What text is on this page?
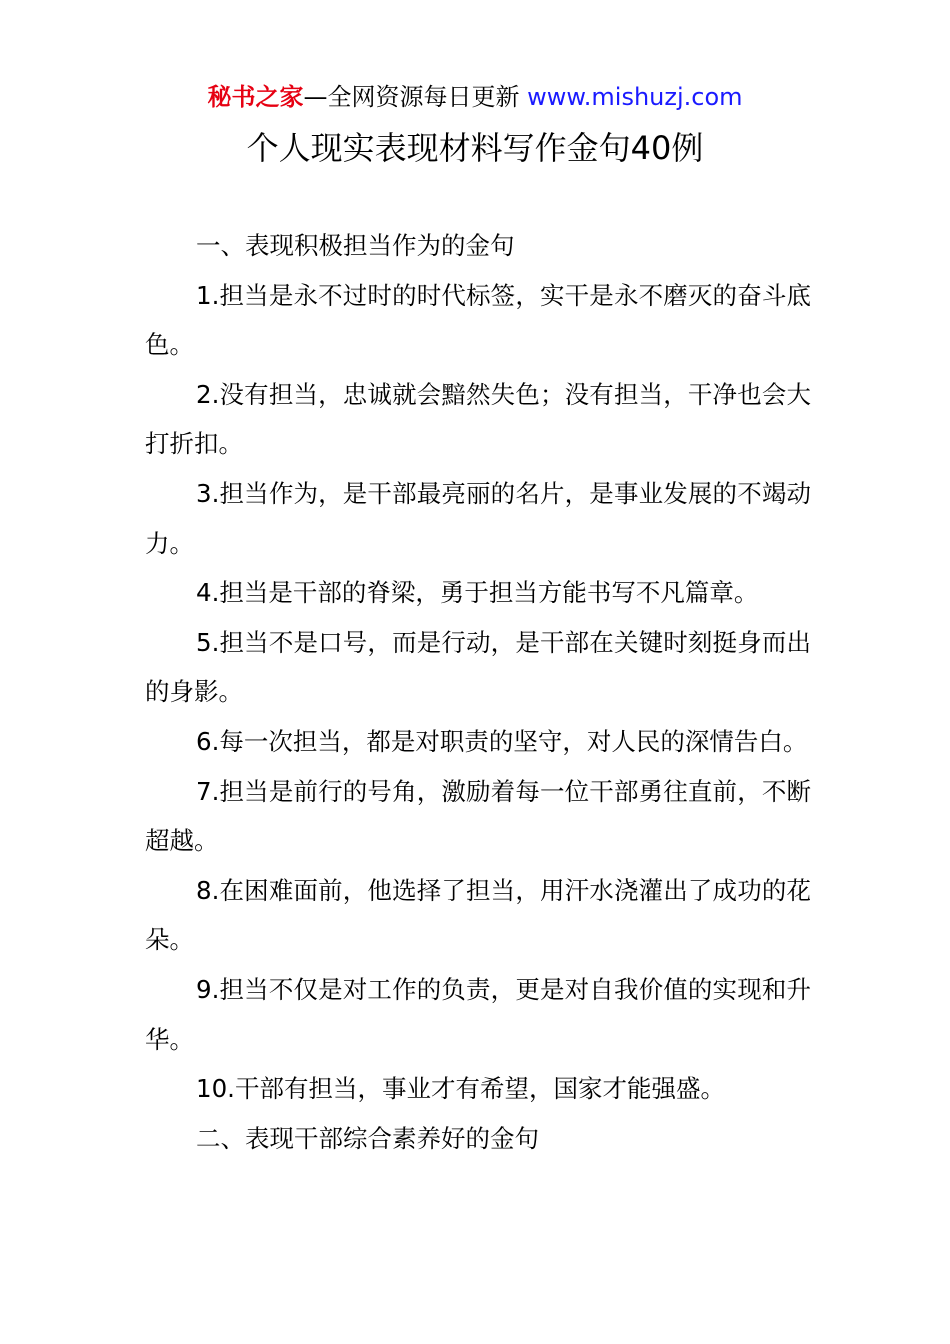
秘书之家—全网资源每日更新 www.mishuzj.com
个人现实表现材料写作金句40例

一、表现积极担当作为的金句

1.担当是永不过时的时代标签，实干是永不磨灭的奋斗底色。

2.没有担当，忠诚就会黯然失色；没有担当，干净也会大打折扣。

3.担当作为，是干部最亮丽的名片，是事业发展的不竭动力。

4.担当是干部的脊梁，勇于担当方能书写不凡篇章。

5.担当不是口号，而是行动，是干部在关键时刻挺身而出的身影。

6.每一次担当，都是对职责的坚守，对人民的深情告白。

7.担当是前行的号角，激励着每一位干部勇往直前，不断超越。

8.在困难面前，他选择了担当，用汗水浇灌出了成功的花朵。

9.担当不仅是对工作的负责，更是对自我价值的实现和升华。

10.干部有担当，事业才有希望，国家才能强盛。

二、表现干部综合素养好的金句
